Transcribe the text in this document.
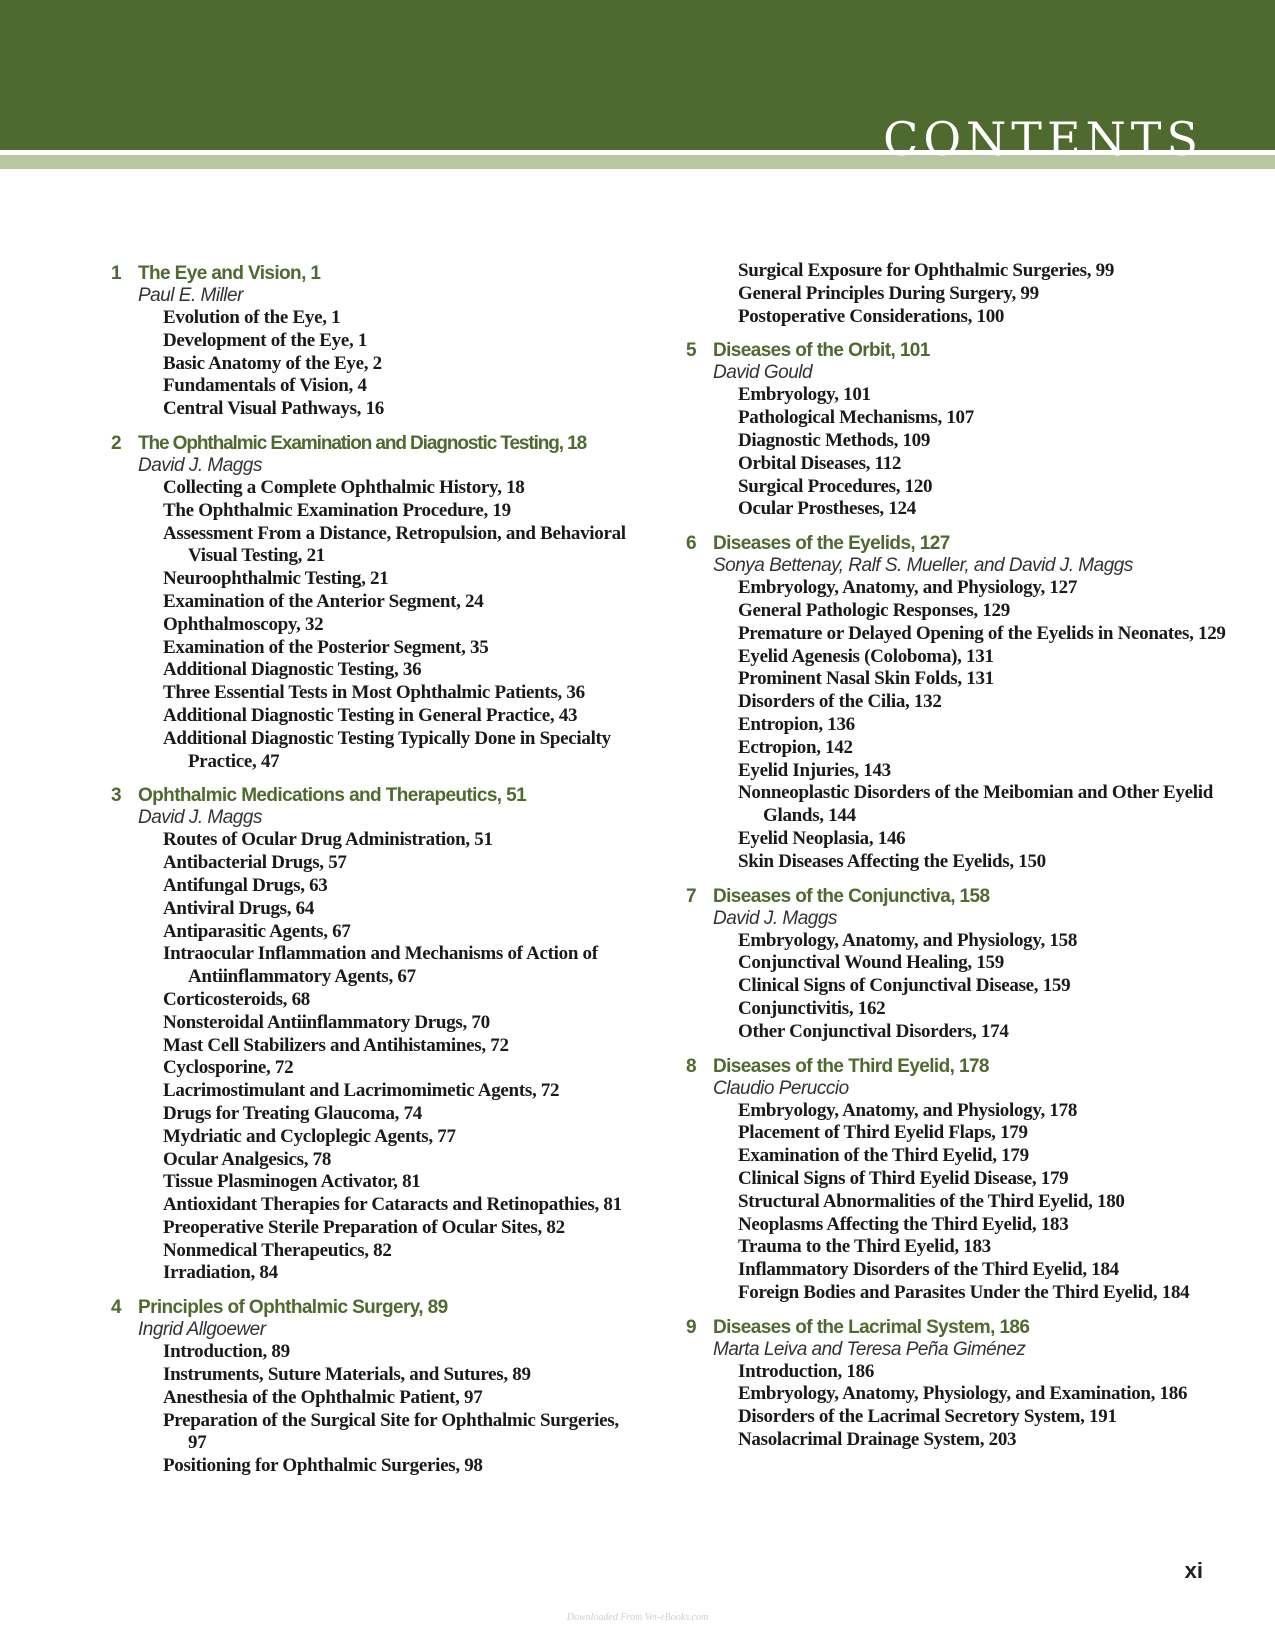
CONTENTS
1 The Eye and Vision, 1
Paul E. Miller
Evolution of the Eye, 1
Development of the Eye, 1
Basic Anatomy of the Eye, 2
Fundamentals of Vision, 4
Central Visual Pathways, 16
2 The Ophthalmic Examination and Diagnostic Testing, 18
David J. Maggs
Collecting a Complete Ophthalmic History, 18
The Ophthalmic Examination Procedure, 19
Assessment From a Distance, Retropulsion, and Behavioral Visual Testing, 21
Neuroophthalmic Testing, 21
Examination of the Anterior Segment, 24
Ophthalmoscopy, 32
Examination of the Posterior Segment, 35
Additional Diagnostic Testing, 36
Three Essential Tests in Most Ophthalmic Patients, 36
Additional Diagnostic Testing in General Practice, 43
Additional Diagnostic Testing Typically Done in Specialty Practice, 47
3 Ophthalmic Medications and Therapeutics, 51
David J. Maggs
Routes of Ocular Drug Administration, 51
Antibacterial Drugs, 57
Antifungal Drugs, 63
Antiviral Drugs, 64
Antiparasitic Agents, 67
Intraocular Inflammation and Mechanisms of Action of Antiinflammatory Agents, 67
Corticosteroids, 68
Nonsteroidal Antiinflammatory Drugs, 70
Mast Cell Stabilizers and Antihistamines, 72
Cyclosporine, 72
Lacrimostimulant and Lacrimomimetic Agents, 72
Drugs for Treating Glaucoma, 74
Mydriatic and Cycloplegic Agents, 77
Ocular Analgesics, 78
Tissue Plasminogen Activator, 81
Antioxidant Therapies for Cataracts and Retinopathies, 81
Preoperative Sterile Preparation of Ocular Sites, 82
Nonmedical Therapeutics, 82
Irradiation, 84
4 Principles of Ophthalmic Surgery, 89
Ingrid Allgoewer
Introduction, 89
Instruments, Suture Materials, and Sutures, 89
Anesthesia of the Ophthalmic Patient, 97
Preparation of the Surgical Site for Ophthalmic Surgeries, 97
Positioning for Ophthalmic Surgeries, 98
Surgical Exposure for Ophthalmic Surgeries, 99
General Principles During Surgery, 99
Postoperative Considerations, 100
5 Diseases of the Orbit, 101
David Gould
Embryology, 101
Pathological Mechanisms, 107
Diagnostic Methods, 109
Orbital Diseases, 112
Surgical Procedures, 120
Ocular Prostheses, 124
6 Diseases of the Eyelids, 127
Sonya Bettenay, Ralf S. Mueller, and David J. Maggs
Embryology, Anatomy, and Physiology, 127
General Pathologic Responses, 129
Premature or Delayed Opening of the Eyelids in Neonates, 129
Eyelid Agenesis (Coloboma), 131
Prominent Nasal Skin Folds, 131
Disorders of the Cilia, 132
Entropion, 136
Ectropion, 142
Eyelid Injuries, 143
Nonneoplastic Disorders of the Meibomian and Other Eyelid Glands, 144
Eyelid Neoplasia, 146
Skin Diseases Affecting the Eyelids, 150
7 Diseases of the Conjunctiva, 158
David J. Maggs
Embryology, Anatomy, and Physiology, 158
Conjunctival Wound Healing, 159
Clinical Signs of Conjunctival Disease, 159
Conjunctivitis, 162
Other Conjunctival Disorders, 174
8 Diseases of the Third Eyelid, 178
Claudio Peruccio
Embryology, Anatomy, and Physiology, 178
Placement of Third Eyelid Flaps, 179
Examination of the Third Eyelid, 179
Clinical Signs of Third Eyelid Disease, 179
Structural Abnormalities of the Third Eyelid, 180
Neoplasms Affecting the Third Eyelid, 183
Trauma to the Third Eyelid, 183
Inflammatory Disorders of the Third Eyelid, 184
Foreign Bodies and Parasites Under the Third Eyelid, 184
9 Diseases of the Lacrimal System, 186
Marta Leiva and Teresa Peña Giménez
Introduction, 186
Embryology, Anatomy, Physiology, and Examination, 186
Disorders of the Lacrimal Secretory System, 191
Nasolacrimal Drainage System, 203
xi
Downloaded From Vet-eBooks.com
